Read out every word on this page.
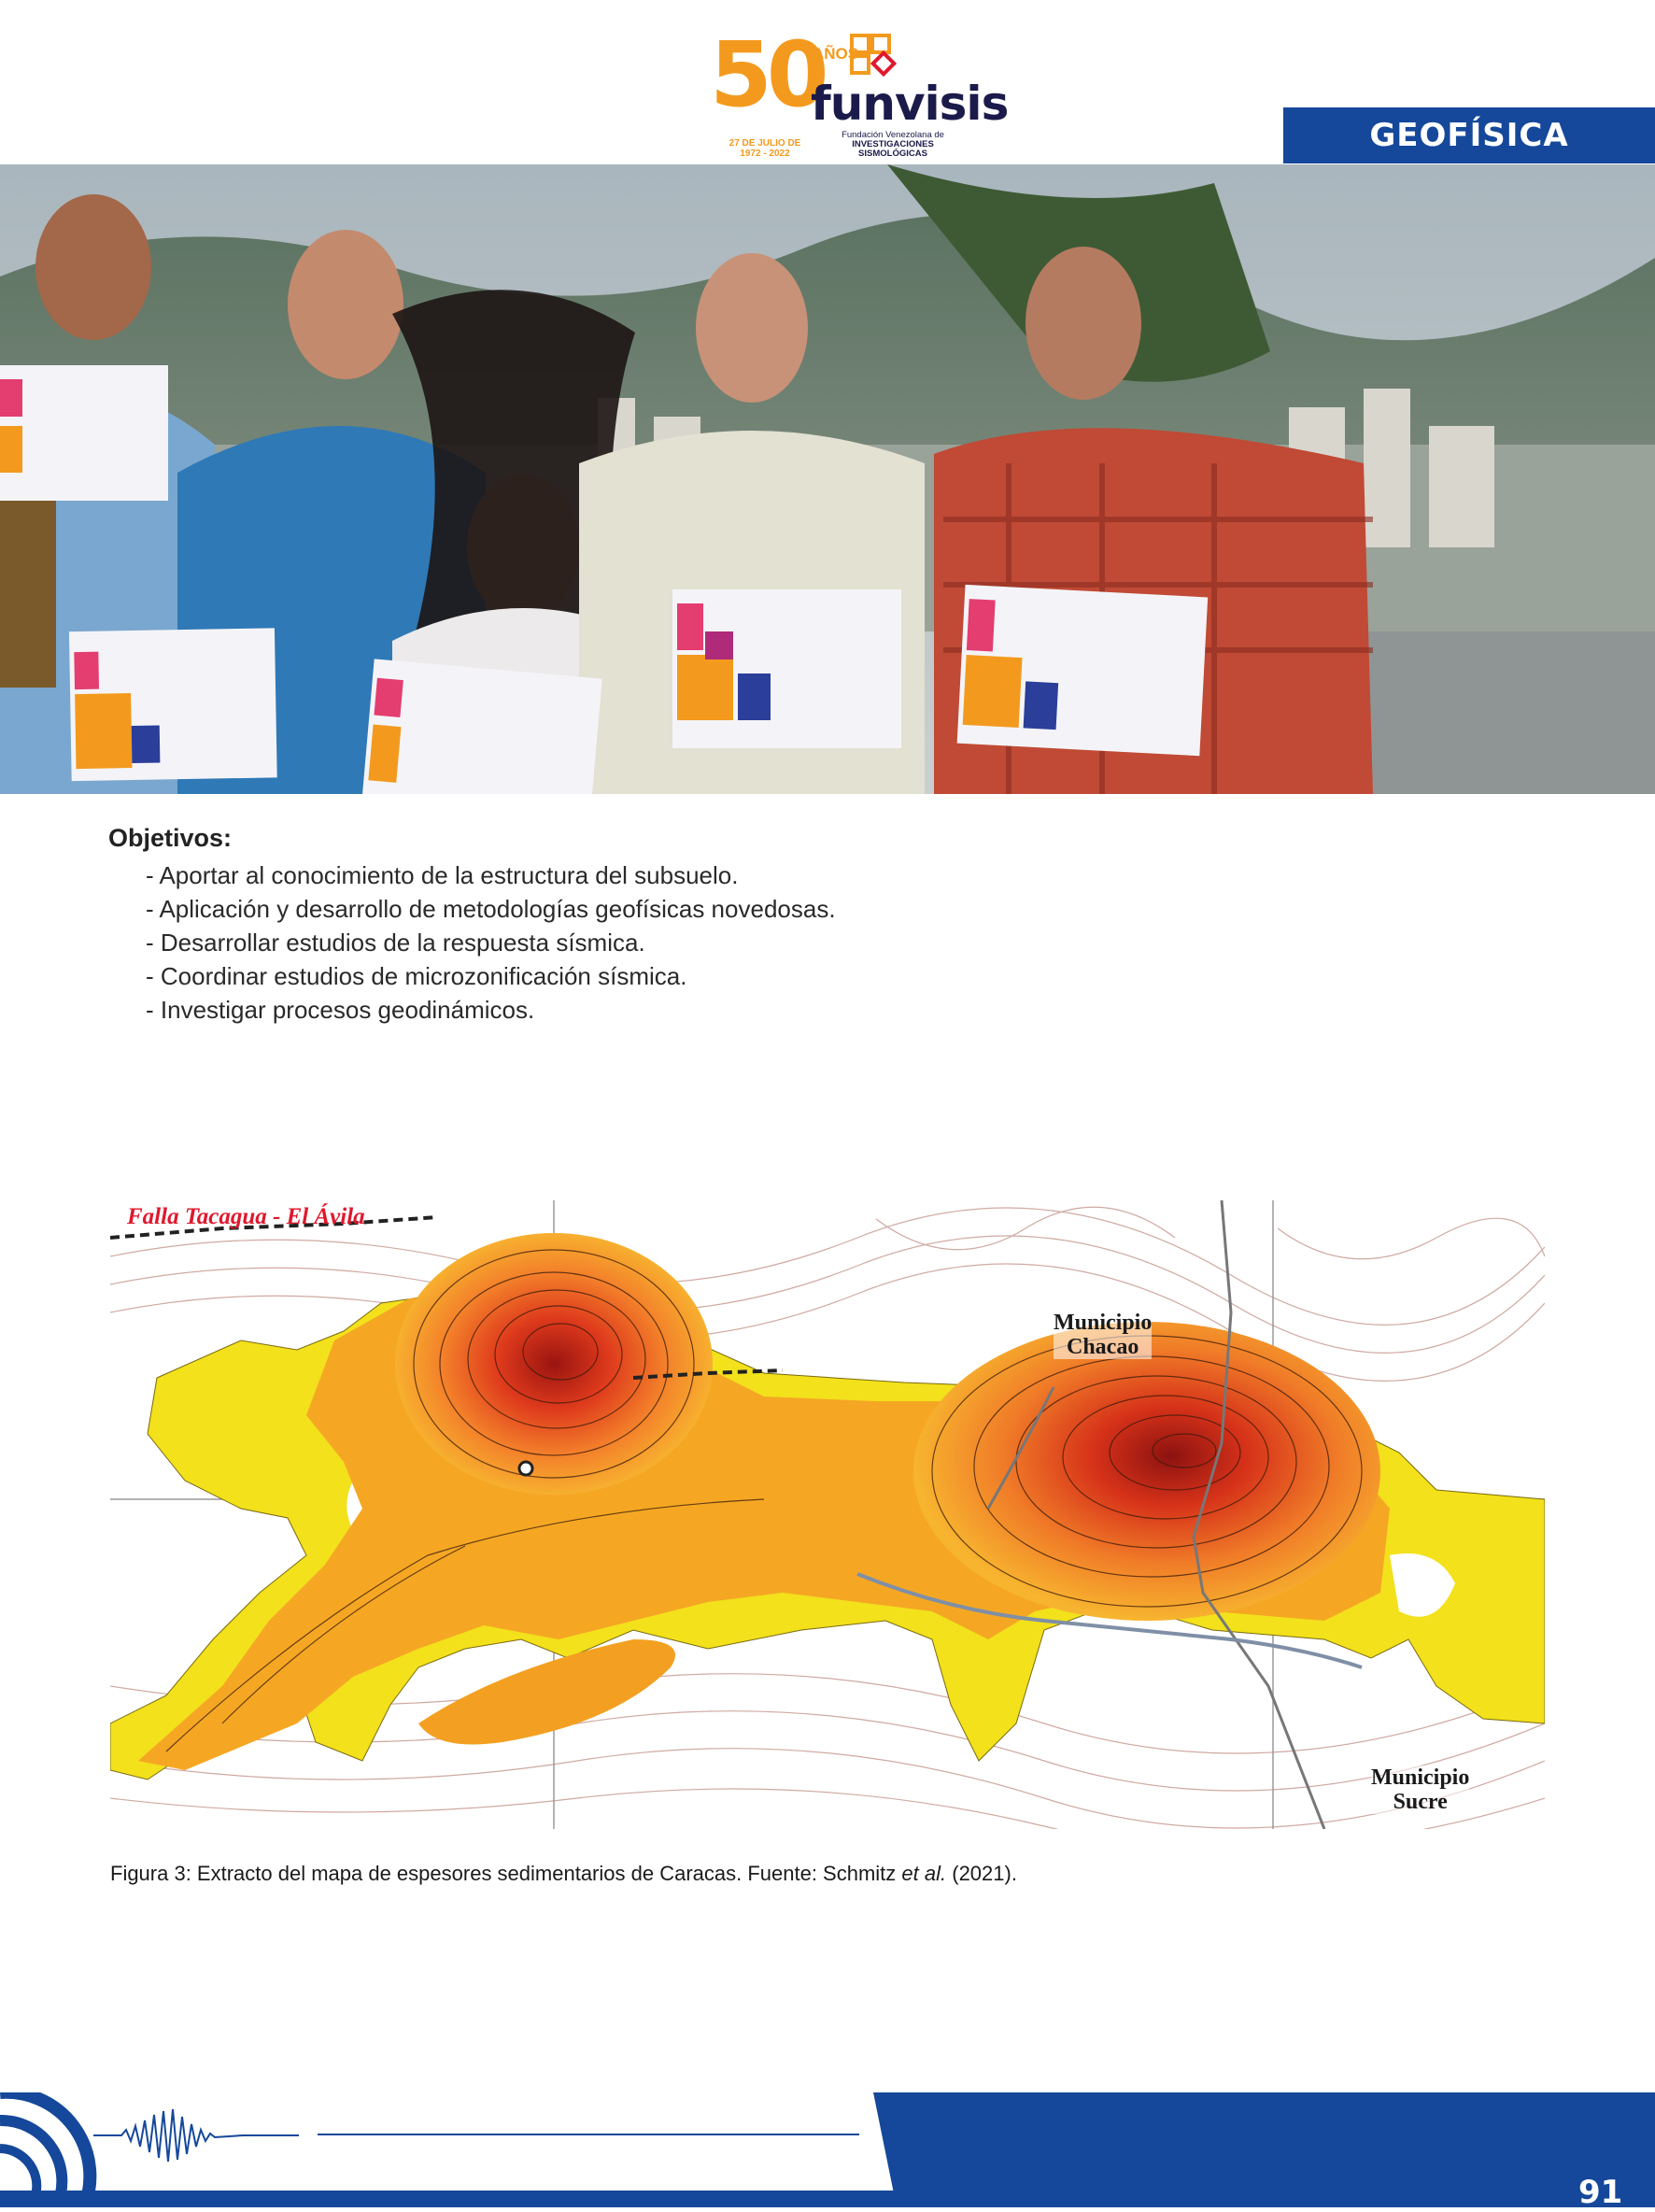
50
AÑOS
funvisis
Fundación Venezolana de
INVESTIGACIONES SISMOLÓGICAS
27 DE JULIO DE
1972 - 2022	GEOFÍSICA
Objetivos:
- Aportar al conocimiento de la estructura del subsuelo.
- Aplicación y desarrollo de metodologías geofísicas novedosas.
- Desarrollar estudios de la respuesta sísmica.
- Coordinar estudios de microzonificación sísmica.
- Investigar procesos geodinámicos.
Falla Tacagua - El Ávila
Municipio
Chacao
Municipio
Sucre
Figura 3: Extracto del mapa de espesores sedimentarios de Caracas. Fuente: Schmitz et al. (2021).
91
